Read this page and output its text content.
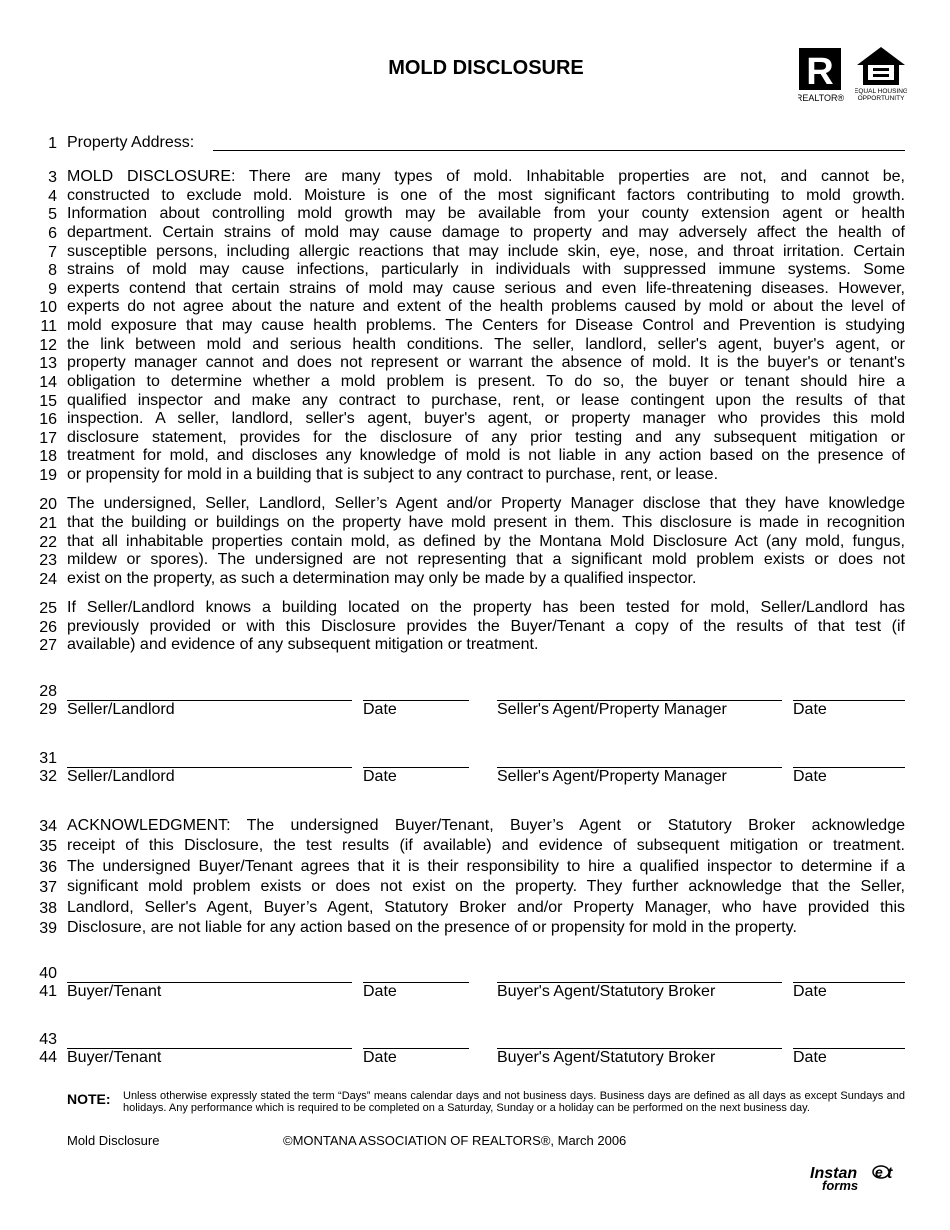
MOLD DISCLOSURE	R
REALTOR®
EQUAL HOUSING
OPPORTUNITY
1 Property Address:
3 MOLD DISCLOSURE: There are many types of mold. Inhabitable properties are not, and cannot be,
4 constructed to exclude mold. Moisture is one of the most significant factors contributing to mold growth.
5 Information about controlling mold growth may be available from your county extension agent or health
6 department. Certain strains of mold may cause damage to property and may adversely affect the health of
7 susceptible persons, including allergic reactions that may include skin, eye, nose, and throat irritation. Certain
8 strains of mold may cause infections, particularly in individuals with suppressed immune systems. Some
9 experts contend that certain strains of mold may cause serious and even life-threatening diseases. However,
10 experts do not agree about the nature and extent of the health problems caused by mold or about the level of
11 mold exposure that may cause health problems. The Centers for Disease Control and Prevention is studying
12 the link between mold and serious health conditions. The seller, landlord, seller's agent, buyer's agent, or
13 property manager cannot and does not represent or warrant the absence of mold. It is the buyer's or tenant's
14 obligation to determine whether a mold problem is present. To do so, the buyer or tenant should hire a
15 qualified inspector and make any contract to purchase, rent, or lease contingent upon the results of that
16 inspection. A seller, landlord, seller's agent, buyer's agent, or property manager who provides this mold
17 disclosure statement, provides for the disclosure of any prior testing and any subsequent mitigation or
18 treatment for mold, and discloses any knowledge of mold is not liable in any action based on the presence of
19 or propensity for mold in a building that is subject to any contract to purchase, rent, or lease.
20 The undersigned, Seller, Landlord, Seller’s Agent and/or Property Manager disclose that they have knowledge
21 that the building or buildings on the property have mold present in them. This disclosure is made in recognition
22 that all inhabitable properties contain mold, as defined by the Montana Mold Disclosure Act (any mold, fungus,
23 mildew or spores). The undersigned are not representing that a significant mold problem exists or does not
24 exist on the property, as such a determination may only be made by a qualified inspector.
25 If Seller/Landlord knows a building located on the property has been tested for mold, Seller/Landlord has
26 previously provided or with this Disclosure provides the Buyer/Tenant a copy of the results of that test (if
27 available) and evidence of any subsequent mitigation or treatment.
34 ACKNOWLEDGMENT: The undersigned Buyer/Tenant, Buyer’s Agent or Statutory Broker acknowledge
35 receipt of this Disclosure, the test results (if available) and evidence of subsequent mitigation or treatment.
36 The undersigned Buyer/Tenant agrees that it is their responsibility to hire a qualified inspector to determine if a
37 significant mold problem exists or does not exist on the property. They further acknowledge that the Seller,
38 Landlord, Seller's Agent, Buyer’s Agent, Statutory Broker and/or Property Manager, who have provided this
39 Disclosure, are not liable for any action based on the presence of or propensity for mold in the property.
28
29 Seller/Landlord	Date	Seller's Agent/Property Manager	Date
31
32 Seller/Landlord	Date	Seller's Agent/Property Manager	Date
40
41 Buyer/Tenant	Date	Buyer's Agent/Statutory Broker	Date
43
44 Buyer/Tenant	Date	Buyer's Agent/Statutory Broker	Date
NOTE: Unless otherwise expressly stated the term “Days” means calendar days and not business days. Business days are defined as all days as except Sundays and holidays. Any performance which is required to be completed on a Saturday, Sunday or a holiday can be performed on the next business day.
Mold Disclosure	©MONTANA ASSOCIATION OF REALTORS®, March 2006
Instan e t
forms
